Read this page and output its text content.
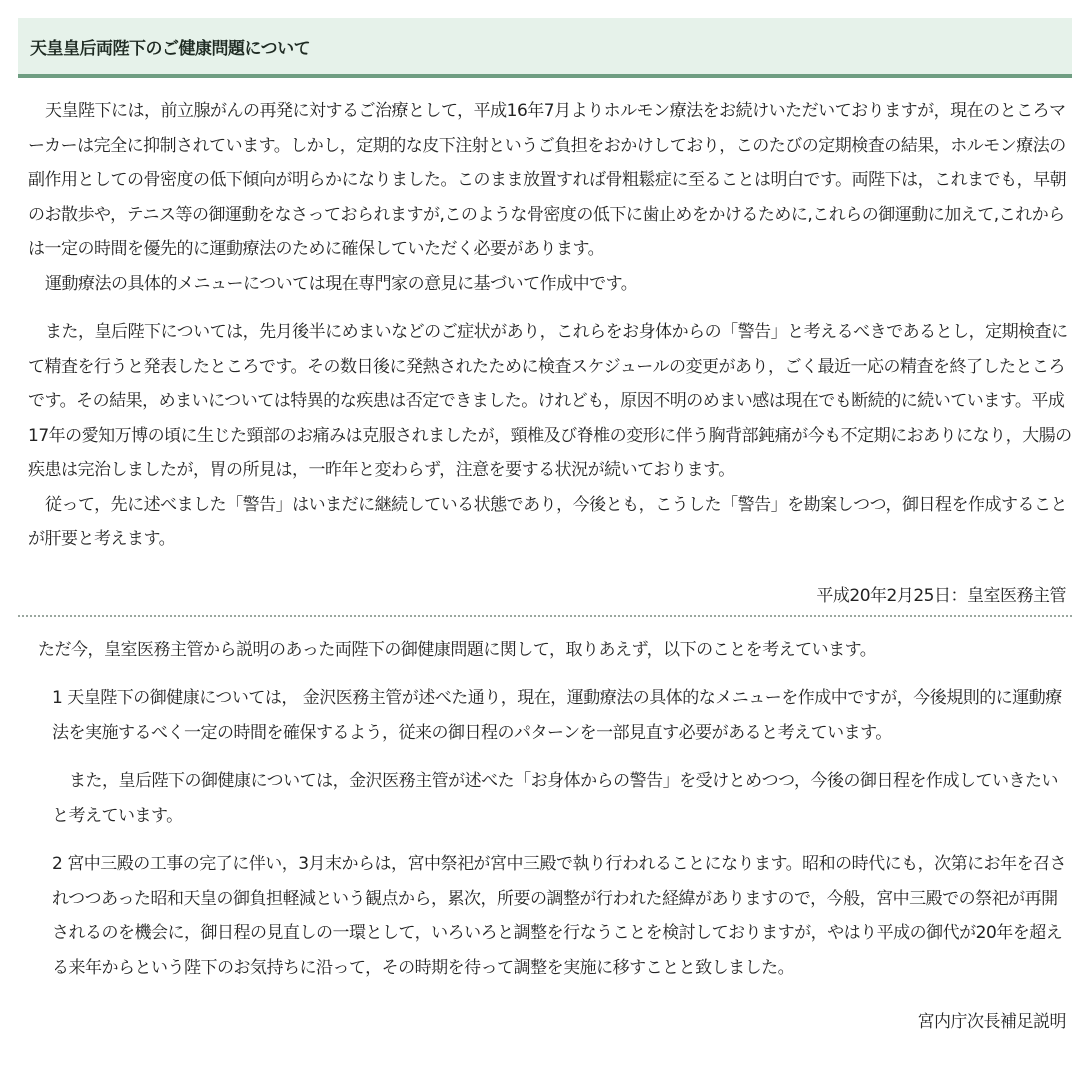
天皇皇后両陛下のご健康問題について

天皇陛下には，前立腺がんの再発に対するご治療として，平成16年7月よりホルモン療法をお続けいただいておりますが，現在のところマーカーは完全に抑制されています。しかし，定期的な皮下注射というご負担をおかけしており，このたびの定期検査の結果，ホルモン療法の副作用としての骨密度の低下傾向が明らかになりました。このまま放置すれば骨粗鬆症に至ることは明白です。両陛下は，これまでも，早朝のお散歩や，テニス等の御運動をなさっておられますが,このような骨密度の低下に歯止めをかけるために,これらの御運動に加えて,これからは一定の時間を優先的に運動療法のために確保していただく必要があります。

運動療法の具体的メニューについては現在専門家の意見に基づいて作成中です。

また，皇后陛下については，先月後半にめまいなどのご症状があり，これらをお身体からの「警告」と考えるべきであるとし，定期検査にて精査を行うと発表したところです。その数日後に発熱されたために検査スケジュールの変更があり，ごく最近一応の精査を終了したところです。その結果，めまいについては特異的な疾患は否定できました。けれども，原因不明のめまい感は現在でも断続的に続いています。平成17年の愛知万博の頃に生じた頸部のお痛みは克服されましたが，頸椎及び脊椎の変形に伴う胸背部鈍痛が今も不定期におありになり，大腸の疾患は完治しましたが，胃の所見は，一昨年と変わらず，注意を要する状況が続いております。

従って，先に述べました「警告」はいまだに継続している状態であり，今後とも，こうした「警告」を勘案しつつ，御日程を作成することが肝要と考えます。

平成20年2月25日：皇室医務主管

ただ今，皇室医務主管から説明のあった両陛下の御健康問題に関して，取りあえず，以下のことを考えています。

1 天皇陛下の御健康については， 金沢医務主管が述べた通り，現在，運動療法の具体的なメニューを作成中ですが，今後規則的に運動療法を実施するべく一定の時間を確保するよう，従来の御日程のパターンを一部見直す必要があると考えています。

また，皇后陛下の御健康については，金沢医務主管が述べた「お身体からの警告」を受けとめつつ，今後の御日程を作成していきたいと考えています。

2 宮中三殿の工事の完了に伴い，3月末からは，宮中祭祀が宮中三殿で執り行われることになります。昭和の時代にも，次第にお年を召されつつあった昭和天皇の御負担軽減という観点から，累次，所要の調整が行われた経緯がありますので，今般，宮中三殿での祭祀が再開されるのを機会に，御日程の見直しの一環として，いろいろと調整を行なうことを検討しておりますが，やはり平成の御代が20年を超える来年からという陛下のお気持ちに沿って，その時期を待って調整を実施に移すことと致しました。

宮内庁次長補足説明
